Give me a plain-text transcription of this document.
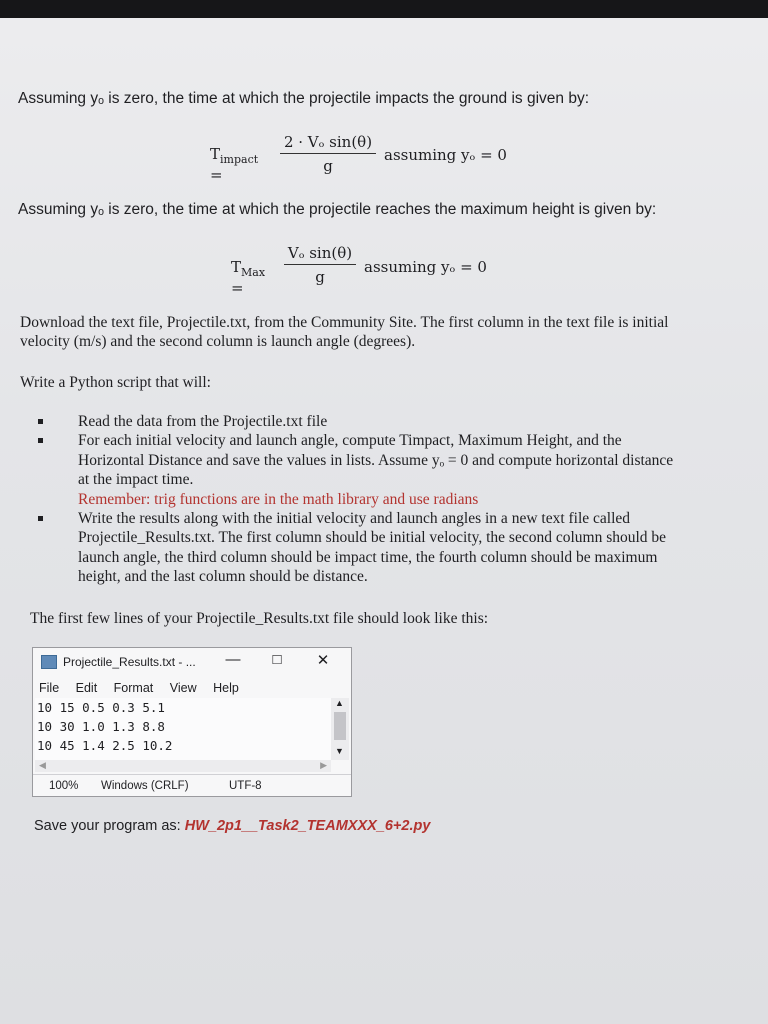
Assuming yₒ is zero, the time at which the projectile impacts the ground is given by:
$T_{impact}$ =	$\frac{\text{2 · Vₒ sin(θ)}}{g}$ assuming yₒ = 0
Assuming yₒ is zero, the time at which the projectile reaches the maximum height is given by:
$T_{Max}$ =
$\frac{\text{Vₒ sin(θ)}}{g}$ assuming yₒ = 0
Download the text file, Projectile.txt, from the Community Site. The first column in the text file is initial velocity (m/s) and the second column is launch angle (degrees).
Write a Python script that will:
Read the data from the Projectile.txt file
For each initial velocity and launch angle, compute Timpact, Maximum Height, and the Horizontal Distance and save the values in lists. Assume yₒ = 0 and compute horizontal distance at the impact time.
Remember: trig functions are in the math library and use radians
Write the results along with the initial velocity and launch angles in a new text file called Projectile_Results.txt. The first column should be initial velocity, the second column should be launch angle, the third column should be impact time, the fourth column should be maximum height, and the last column should be distance.
The first few lines of your Projectile_Results.txt file should look like this:
Projectile_Results.txt - ... —	□	✕
File Edit Format View Help
10 15 0.5 0.3 5.1
10 30 1.0 1.3 8.8
10 45 1.4 2.5 10.2
▲
▼
◀	▶
100% Windows (CRLF)	UTF-8
Save your program as: HW_2p1__Task2_TEAMXXX_6+2.py
